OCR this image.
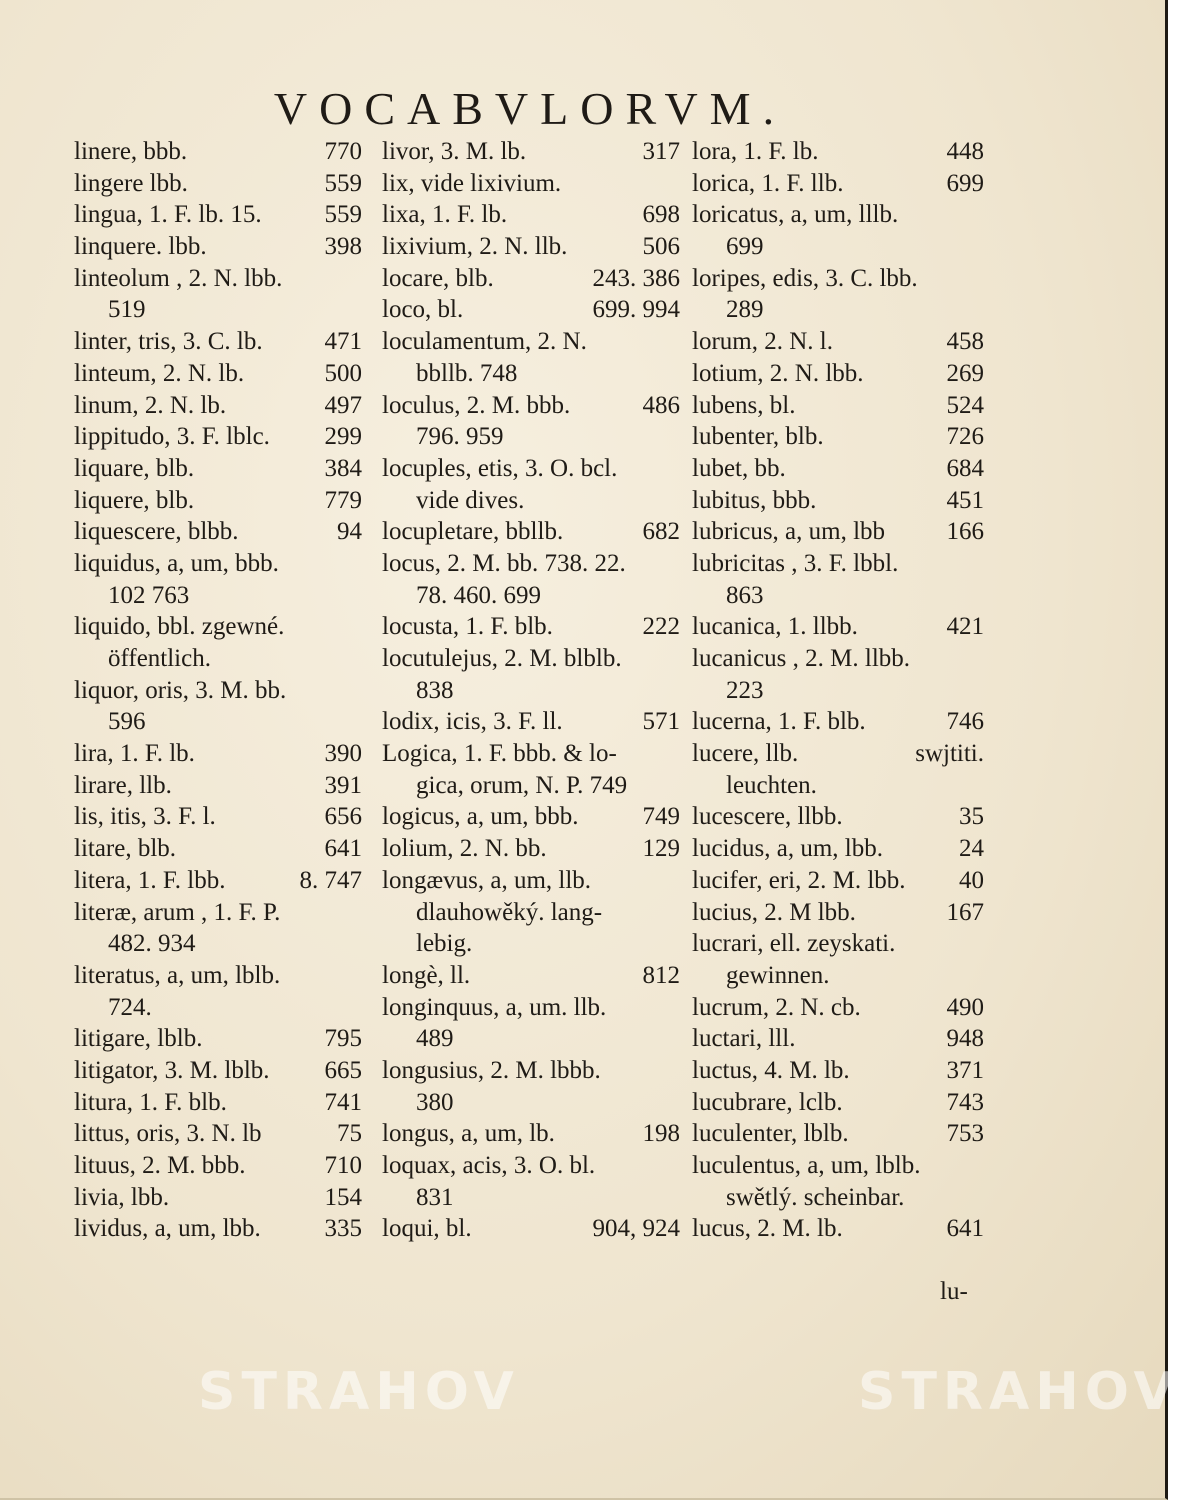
VOCABVLORVM.
linere, bbb.	770
lingere lbb.	559
lingua, 1. F. lb. 15.	559
linquere. lbb.	398
linteolum , 2. N. lbb.
519
linter, tris, 3. C. lb. 471
linteum, 2. N. lb.	500
linum, 2. N. lb.	497
lippitudo, 3. F. lblc. 299
liquare, blb.	384
liquere, blb.	779
liquescere, blbb.	94
liquidus, a, um, bbb.
102 763
liquido, bbl. zgewné.
öffentlich.
liquor, oris, 3. M. bb.
596
lira, 1. F. lb.	390
lirare, llb.	391
lis, itis, 3. F. l.	656
litare, blb.	641
litera, 1. F. lbb.	8. 747
literæ, arum , 1. F. P.
482. 934
literatus, a, um, lblb.
724.
litigare, lblb.	795
litigator, 3. M. lblb. 665
litura, 1. F. blb.	741
littus, oris, 3. N. lb	75
lituus, 2. M. bbb.	710
livia, lbb.	154
lividus, a, um, lbb.	335
livor, 3. M. lb.	317
lix, vide lixivium.
lixa, 1. F. lb.	698
lixivium, 2. N. llb.	506
locare, blb.	243. 386
loco, bl.	699. 994
loculamentum, 2. N.
bbllb. 748
loculus, 2. M. bbb.	486
796. 959
locuples, etis, 3. O. bcl.
vide dives.
locupletare, bbllb.	682
locus, 2. M. bb. 738. 22.
78. 460. 699
locusta, 1. F. blb.	222
locutulejus, 2. M. blblb.
838
lodix, icis, 3. F. ll.	571
Logica, 1. F. bbb. & lo-
gica, orum, N. P. 749
logicus, a, um, bbb.	749
lolium, 2. N. bb.	129
longævus, a, um, llb.
dlauhowěký. lang-
lebig.
longè, ll.	812
longinquus, a, um. llb.
489
longusius, 2. M. lbbb.
380
longus, a, um, lb.	198
loquax, acis, 3. O. bl.
831
loqui, bl.	904, 924
lora, 1. F. lb.	448
lorica, 1. F. llb.	699
loricatus, a, um, lllb.
699
loripes, edis, 3. C. lbb.
289
lorum, 2. N. l.	458
lotium, 2. N. lbb.	269
lubens, bl.	524
lubenter, blb.	726
lubet, bb.	684
lubitus, bbb.	451
lubricus, a, um, lbb 166
lubricitas , 3. F. lbbl.
863
lucanica, 1. llbb.	421
lucanicus , 2. M. llbb.
223
lucerna, 1. F. blb.	746
lucere, llb.	swjtiti.
leuchten.
lucescere, llbb.	35
lucidus, a, um, lbb.	24
lucifer, eri, 2. M. lbb. 40
lucius, 2. M lbb.	167
lucrari, ell. zeyskati.
gewinnen.
lucrum, 2. N. cb.	490
luctari, lll.	948
luctus, 4. M. lb.	371
lucubrare, lclb.	743
luculenter, lblb.	753
luculentus, a, um, lblb.
swětlý. scheinbar.
lucus, 2. M. lb.	641
lu-
STRAHOV	STRAHOV
